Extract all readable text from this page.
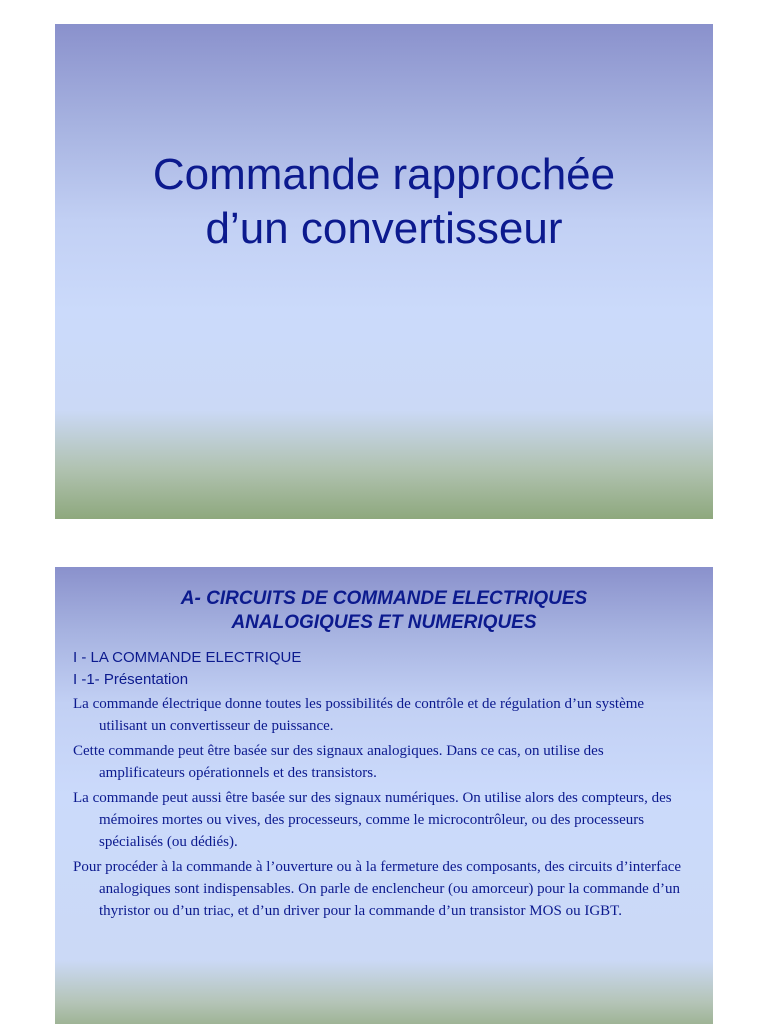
Commande rapprochée
d’un convertisseur
A- CIRCUITS DE COMMANDE ELECTRIQUES
ANALOGIQUES ET NUMERIQUES
I - LA COMMANDE ELECTRIQUE
I -1- Présentation

La commande électrique donne toutes les possibilités de contrôle et de régulation d’un système utilisant un convertisseur de puissance.

Cette commande peut être basée sur des signaux analogiques. Dans ce cas, on utilise des amplificateurs opérationnels et des transistors.

La commande peut aussi être basée sur des signaux numériques. On utilise alors des compteurs, des mémoires mortes ou vives, des processeurs, comme le microcontrôleur, ou des processeurs spécialisés (ou dédiés).

Pour procéder à la commande à l’ouverture ou à la fermeture des composants, des circuits d’interface analogiques sont indispensables. On parle de enclencheur (ou amorceur) pour la commande d’un thyristor ou d’un triac, et d’un driver pour la commande d’un transistor MOS ou IGBT.
